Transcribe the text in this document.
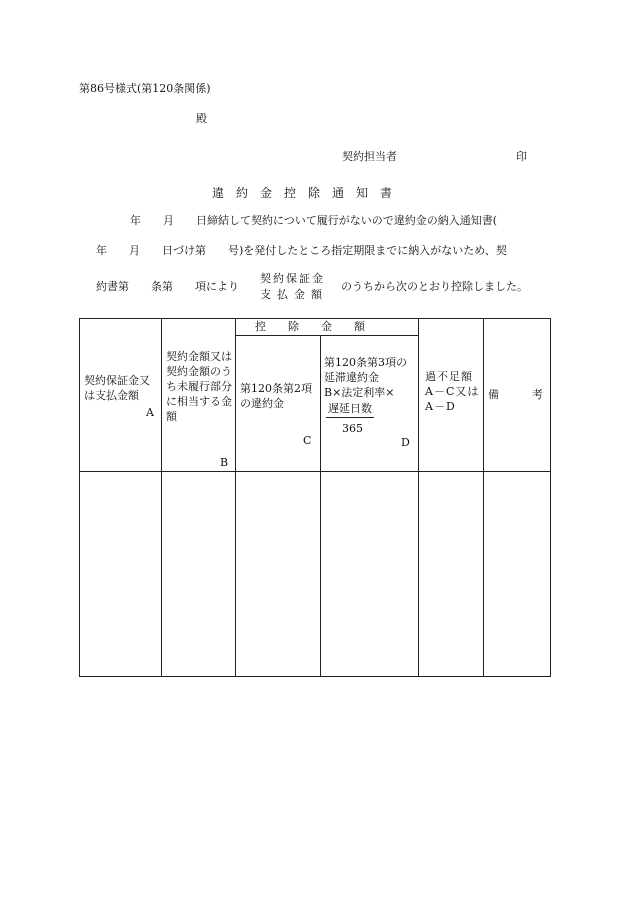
第86号様式(第120条関係)
殿
契約担当者	印
違　約　金　控　除　通　知　書
年　　月　　日締結して契約について履行がないので違約金の納入通知書(
年　　月　　日づけ第　　号)を発付したところ指定期限までに納入がないため、契
約書第　　条第　　項により
契約保証金
支払金額
のうちから次のとおり控除しました。
控　　除　　金　　額
契約保証金又は支払金額
A
契約金額又は契約金額のうち未履行部分に相当する金額
B
第120条第2項の違約金
C
第120条第3項の
延滞違約金
B×法定利率×
遅延日数
365
D
過不足額A－C又はA－D
備　　　考
